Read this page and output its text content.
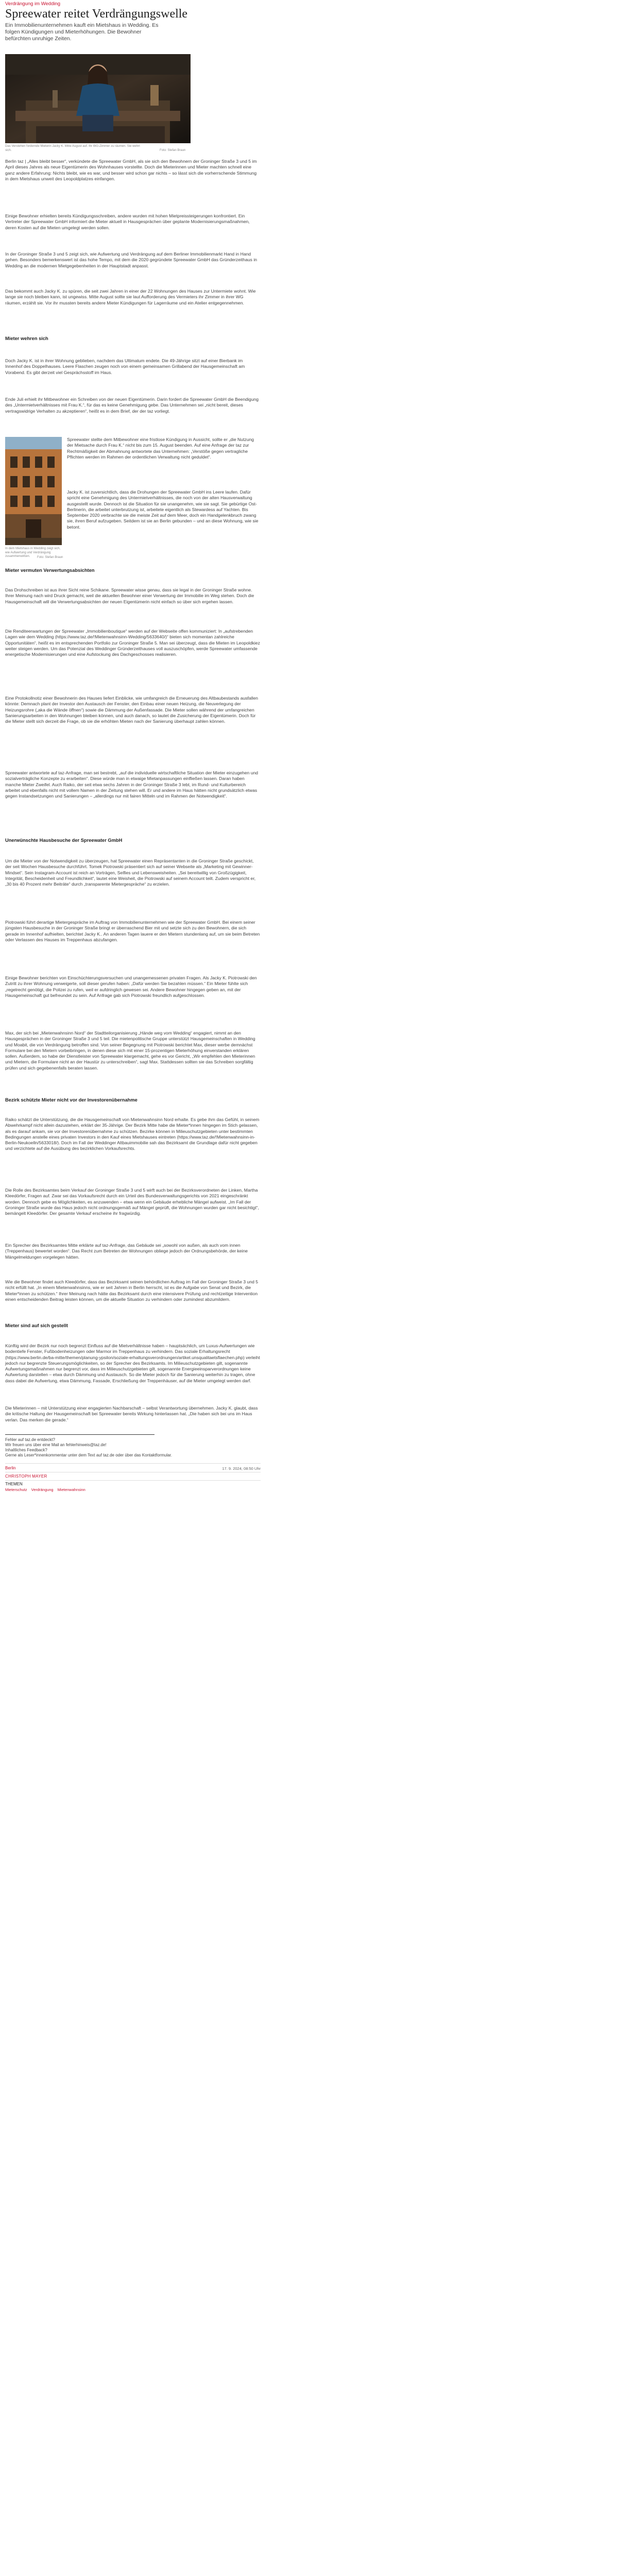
Verdrängung im Wedding
Spreewater reitet Verdrängungswelle

Ein Immobilienunternehmen kauft ein Mietshaus in Wedding. Es folgen Kündigungen und Mieterhöhungen. Die Bewohner befürchten unruhige Zeiten.

Das Verstehen fordernde Mieterin Jacky K. Mitte August auf. Ihr WG-Zimmer zu räumen. Sie wehrt sich.	Foto: Stefan Braun

Berlin taz | „Alles bleibt besser“, verkündete die Spreewater GmbH, als sie sich den Bewohnern der Groninger Straße 3 und 5 im April dieses Jahres als neue Eigentümerin des Wohnhauses vorstellte. Doch die Mieterinnen und Mieter machten schnell eine ganz andere Erfahrung: Nichts bleibt, wie es war, und besser wird schon gar nichts – so lässt sich die vorherrschende Stimmung in dem Mietshaus unweit des Leopoldplatzes einfangen.

Einige Bewohner erhielten bereits Kündigungsschreiben, andere wurden mit hohen Mietpreissteigerungen konfrontiert. Ein Vertreter der Spreewater GmbH informiert die Mieter aktuell in Hausgesprächen über geplante Modernisierungsmaßnahmen, deren Kosten auf die Mieten umgelegt werden sollen.

In der Groninger Straße 3 und 5 zeigt sich, wie Aufwertung und Verdrängung auf dem Berliner Immobilienmarkt Hand in Hand gehen. Besonders bemerkenswert ist das hohe Tempo, mit dem die 2020 gegründete Spreewater GmbH das Gründerzeithaus in Wedding an die modernen Mietgegebenheiten in der Hauptstadt anpasst.

Das bekommt auch Jacky K. zu spüren, die seit zwei Jahren in einer der 22 Wohnungen des Hauses zur Untermiete wohnt. Wie lange sie noch bleiben kann, ist ungewiss. Mitte August sollte sie laut Aufforderung des Vermieters ihr Zimmer in ihrer WG räumen, erzählt sie. Vor ihr mussten bereits andere Mieter Kündigungen für Lagerräume und ein Atelier entgegennehmen.

Mieter wehren sich

Doch Jacky K. ist in ihrer Wohnung geblieben, nachdem das Ultimatum endete. Die 49-Jährige sitzt auf einer Bierbank im Innenhof des Doppelhauses. Leere Flaschen zeugen noch von einem gemeinsamen Grillabend der Hausgemeinschaft am Vorabend. Es gibt derzeit viel Gesprächsstoff im Haus.

Ende Juli erhielt ihr Mitbewohner ein Schreiben von der neuen Eigentümerin. Darin fordert die Spreewater GmbH die Beendigung des „Untermietverhältnisses mit Frau K.“, für das es keine Genehmigung gebe. Das Unternehmen sei „nicht bereit, dieses vertragswidrige Verhalten zu akzeptieren“, heißt es in dem Brief, der der taz vorliegt.

In dem Mietshaus in Wedding zeigt sich, wie Aufwertung und Verdrängung zusammenwirken.	Foto: Stefan Braun

Spreewater stellte dem Mitbewohner eine fristlose Kündigung in Aussicht, sollte er „die Nutzung der Mietsache durch Frau K.“ nicht bis zum 15. August beenden. Auf eine Anfrage der taz zur Rechtmäßigkeit der Abmahnung antwortete das Unternehmen: „Verstöße gegen vertragliche Pflichten werden im Rahmen der ordentlichen Verwaltung nicht geduldet“.

Jacky K. ist zuversichtlich, dass die Drohungen der Spreewater GmbH ins Leere laufen. Dafür spricht eine Genehmigung des Untermietverhältnisses, die noch von der alten Hausverwaltung ausgestellt wurde. Dennoch ist die Situation für sie unangenehm, wie sie sagt. Sie gebürtige Ost-Berlinerin, die arbeitet unterbrutzung ist, arbeitete eigentlich als Stewardess auf Yachten. Bis September 2020 verbrachte sie die meiste Zeit auf dem Meer, doch ein Handgelenkbruch zwang sie, ihren Beruf aufzugeben. Seitdem ist sie an Berlin gebunden – und an diese Wohnung, wie sie betont.

Mieter vermuten Verwertungsabsichten

Das Drohschreiben ist aus ihrer Sicht reine Schikane. Spreewater wisse genau, dass sie legal in der Groninger Straße wohne. Ihrer Meinung nach wird Druck gemacht, weil die aktuellen Bewohner einer Verwertung der Immobilie im Weg stehen. Doch die Hausgemeinschaft will die Verwertungsabsichten der neuen Eigentümerin nicht einfach so über sich ergehen lassen.

Die Renditeerwartungen der Spreewater „Immobilienboutique“ werden auf der Webseite offen kommuniziert: In „aufstrebenden Lagen wie dem Wedding (https://www.taz.de/!Mietenwahnsinn-Wedding/5633640/)“ bieten sich momentan zahlreiche Opportunitäten“, heißt es im entsprechenden Portfolio zur Groninger Straße 5. Man sei überzeugt, dass die Mieten im Leopoldkiez weiter steigen werden. Um das Potenzial des Weddinger Gründerzeithauses voll auszuschöpfen, werde Spreewater umfassende energetische Modernisierungen und eine Aufstockung des Dachgeschosses realisieren.

Eine Protokollnotiz einer Bewohnerin des Hauses liefert Einblicke, wie umfangreich die Erneuerung des Altbaubestands ausfallen könnte: Demnach plant der Investor den Austausch der Fenster, den Einbau einer neuen Heizung, die Neuverlegung der Heizungsrohre („aka die Wände öffnen“) sowie die Dämmung der Außenfassade. Die Mieter sollen während der umfangreichen Sanierungsarbeiten in den Wohnungen bleiben können, und auch danach, so lautet die Zusicherung der Eigentümerin. Doch für die Mieter stellt sich derzeit die Frage, ob sie die erhöhten Mieten nach der Sanierung überhaupt zahlen können.

Spreewater antwortete auf taz-Anfrage, man sei bestrebt, „auf die individuelle wirtschaftliche Situation der Mieter einzugehen und sozialverträgliche Konzepte zu erarbeiten“. Diese würde man in etwaige Mietanpassungen einfließen lassen. Daran haben manche Mieter Zweifel. Auch Raiko, der seit etwa sechs Jahren in der Groninger Straße 3 lebt, im Rund- und Kulturbereich arbeitet und ebenfalls nicht mit vollem Namen in der Zeitung stehen will. Er und andere im Haus hätten nicht grundsätzlich etwas gegen Instandsetzungen und Sanierungen – „allerdings nur mit fairen Mitteln und im Rahmen der Notwendigkeit“.

Unerwünschte Hausbesuche der Spreewater GmbH

Um die Mieter von der Notwendigkeit zu überzeugen, hat Spreewater einen Repräsentanten in die Groninger Straße geschickt, der seit Wochen Hausbesuche durchführt. Tomek Piotrowski präsentiert sich auf seiner Webseite als „Marketing mit Gewinner-Mindset“. Sein Instagram-Account ist reich an Vorträgen, Selfies und Lebensweisheiten. „Sei bereitwillig von Großzügigkeit, Integrität, Bescheidenheit und Freundlichkeit“, lautet eine Weisheit, die Piotrowski auf seinem Account teilt. Zudem verspricht er, „30 bis 40 Prozent mehr Beiträte“ durch „transparente Mietergespräche“ zu erzielen.

Piotrowski führt derartige Mietergespräche im Auftrag von Immobilienunternehmen wie der Spreewater GmbH. Bei einem seiner jüngsten Hausbesuche in der Groninger Straße bringt er überraschend Bier mit und setzte sich zu den Bewohnern, die sich gerade im Innenhof aufhielten, berichtet Jacky K.. An anderen Tagen lauere er den Mietern stundenlang auf, um sie beim Betreten oder Verlassen des Hauses im Treppenhaus abzufangen.

Einige Bewohner berichten von Einschüchterungsversuchen und unangemessenen privaten Fragen. Als Jacky K. Piotrowski den Zutritt zu ihrer Wohnung verweigerte, soll dieser gerufen haben: „Dafür werden Sie bezahlen müssen.“ Ein Mieter fühlte sich „regelrecht genötigt, die Polizei zu rufen, weil er aufdringlich gewesen sei. Andere Bewohner hingegen geben an, mit der Hausgemeinschaft gut befreundet zu sein. Auf Anfrage gab sich Piotrowski freundlich aufgeschlossen.

Max, der sich bei „Mietenwahnsinn Nord“ der Stadtteilorganisierung „Hände weg vom Wedding“ engagiert, nimmt an den Hausgesprächen in der Groninger Straße 3 und 5 teil. Die mietenpolitische Gruppe unterstützt Hausgemeinschaften in Wedding und Moabit, die von Verdrängung betroffen sind. Von seiner Begegnung mit Piotrowski berichtet Max, dieser werbe demnächst Formulare bei den Mietern vorbeibringen, in denen diese sich mit einer 15-prozentigen Mieterhöhung einverstanden erklären sollen. Außerdem, so habe der Dienstleister von Spreewater klargemacht, gehe es vor Gericht, „Wir empfehlen den Mieterinnen und Mietern, die Formulare nicht an der Haustür zu unterschreiben“, sagt Max. Stattdessen sollten sie das Schreiben sorgfältig prüfen und sich gegebenenfalls beraten lassen.

Bezirk schützte Mieter nicht vor der Investorenübernahme

Raiko schätzt die Unterstützung, die die Hausgemeinschaft von Mietenwahnsinn Nord erhalte. Es gebe ihm das Gefühl, in seinem Abwehrkampf nicht allein dazustehen, erklärt der 35-Jährige. Der Bezirk Mitte habe die Mieter*innen hingegen im Stich gelassen, als es darauf ankam, sie vor der Investorenübernahme zu schützen. Bezirke können in Milieuschutzgebieten unter bestimmten Bedingungen anstelle eines privaten Investors in den Kauf eines Mietshauses eintreten (https://www.taz.de/!Mietenwahnsinn-in-Berlin-Neukoelln/5633018/). Doch im Fall der Weddinger Altbauimmobilie sah das Bezirksamt die Grundlage dafür nicht gegeben und verzichtete auf die Ausübung des bezirklichen Vorkaufsrechts.

Die Rolle des Bezirksamtes beim Verkauf der Groninger Straße 3 und 5 wirft auch bei der Bezirksverordneten der Linken, Martha Kleedörfer, Fragen auf. Zwar sei das Vorkaufsrecht durch ein Urteil des Bundesverwaltungsgerichts von 2021 eingeschränkt worden. Dennoch gebe es Möglichkeiten, es anzuwenden – etwa wenn ein Gebäude erhebliche Mängel aufweist. „Im Fall der Groninger Straße wurde das Haus jedoch nicht ordnungsgemäß auf Mängel geprüft, die Wohnungen wurden gar nicht besichtigt“, bemängelt Kleedörfer. Der gesamte Verkauf erscheine ihr fragwürdig.

Ein Sprecher des Bezirksamtes Mitte erklärte auf taz-Anfrage, das Gebäude sei „sowohl von außen, als auch vom innen (Treppenhaus) bewertet worden“. Das Recht zum Betreten der Wohnungen obliege jedoch der Ordnungsbehörde, der keine Mängelmeldungen vorgelegen hätten.

Wie die Bewohner findet auch Kleedörfer, dass das Bezirksamt seinen behördlichen Auftrag im Fall der Groninger Straße 3 und 5 nicht erfüllt hat. „In einem Mietenwahnsinns, wie er seit Jahren in Berlin herrscht, ist es die Aufgabe von Senat und Bezirk, die Mieter*innen zu schützen.“ Ihrer Meinung nach hätte das Bezirksamt durch eine intensivere Prüfung und rechtzeitige Intervention einen entscheidenden Beitrag leisten können, um die aktuelle Situation zu verhindern oder zumindest abzumildern.

Mieter sind auf sich gestellt

Künftig wird der Bezirk nur noch begrenzt Einfluss auf die Mietverhältnisse haben – hauptsächlich, um Luxus-Aufwertungen wie bodentiefe Fenster, Fußbodenheizungen oder Marmor im Treppenhaus zu verhindern. Das soziale Erhaltungsrecht (https://www.berlin.de/ba-mitte/themen/planung-ypsilon/soziale-erhaltungsverordnungen/artikel.unsqualitaetsflaechen.php) verleiht jedoch nur begrenzte Steuerungsmöglichkeiten, so der Sprecher des Bezirksamts. Im Milieuschutzgebieten gilt, sogenannte Aufwertungsmaßnahmen nur begrenzt vor, dass im Milieuschutzgebieten gilt, sogenannte Energieeinsparverordnungen keine Aufwertung darstellen – etwa durch Dämmung und Austausch. So die Mieter jedoch für die Sanierung weiterhin zu tragen, ohne dass dabei die Aufwertung, etwa Dämmung, Fassade, Erschließung der Treppenhäuser, auf die Mieter umgelegt werden darf.

Die Mieterinnen – mit Unterstützung einer engagierten Nachbarschaft – selbst Verantwortung übernehmen. Jacky K. glaubt, dass die kritische Haltung der Hausgemeinschaft bei Spreewater bereits Wirkung hinterlassen hat. „Die haben sich bei uns im Haus verlan. Das merken die gerade.“

Fehler auf taz.de entdeckt?
Wir freuen uns über eine Mail an fehlerhinweis@taz.de!
Inhaltliches Feedback?
Gerne als Leser*innenkommentar unter dem Text auf taz.de oder über das Kontaktformular.
Berlin	17. 9. 2024, 08:50 Uhr
CHRISTOPH MAYER
THEMEN
Mieterschutz Verdrängung Mietenwahnsinn
